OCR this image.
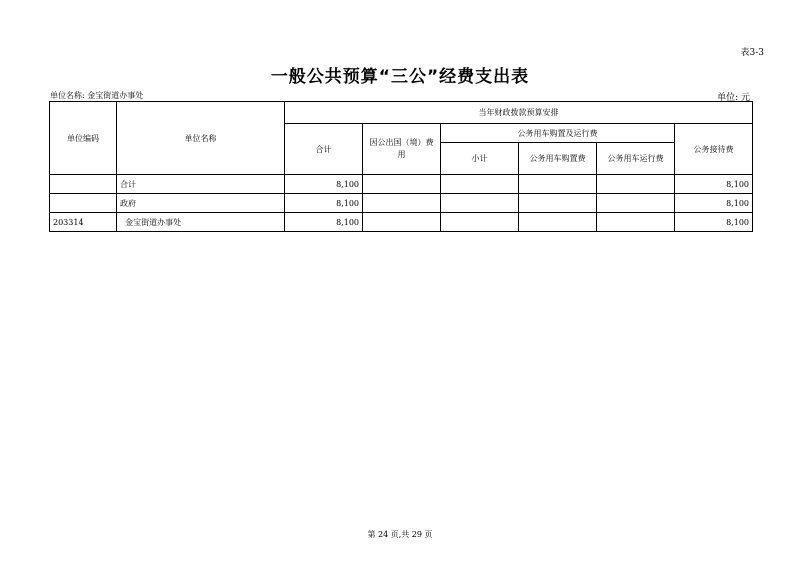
表3-3
一般公共预算“三公”经费支出表
单位名称: 金宝街道办事处	单位: 元
单位编码	单位名称	当年财政拨款预算安排					
		合计	因公出国（境）费用	公务用车购置及运行费			公务接待费
				小计	公务用车购置费	公务用车运行费	
	合计	8,100					8,100
	政府	8,100					8,100
203314	金宝街道办事处	8,100					8,100
第 24 页,共 29 页
